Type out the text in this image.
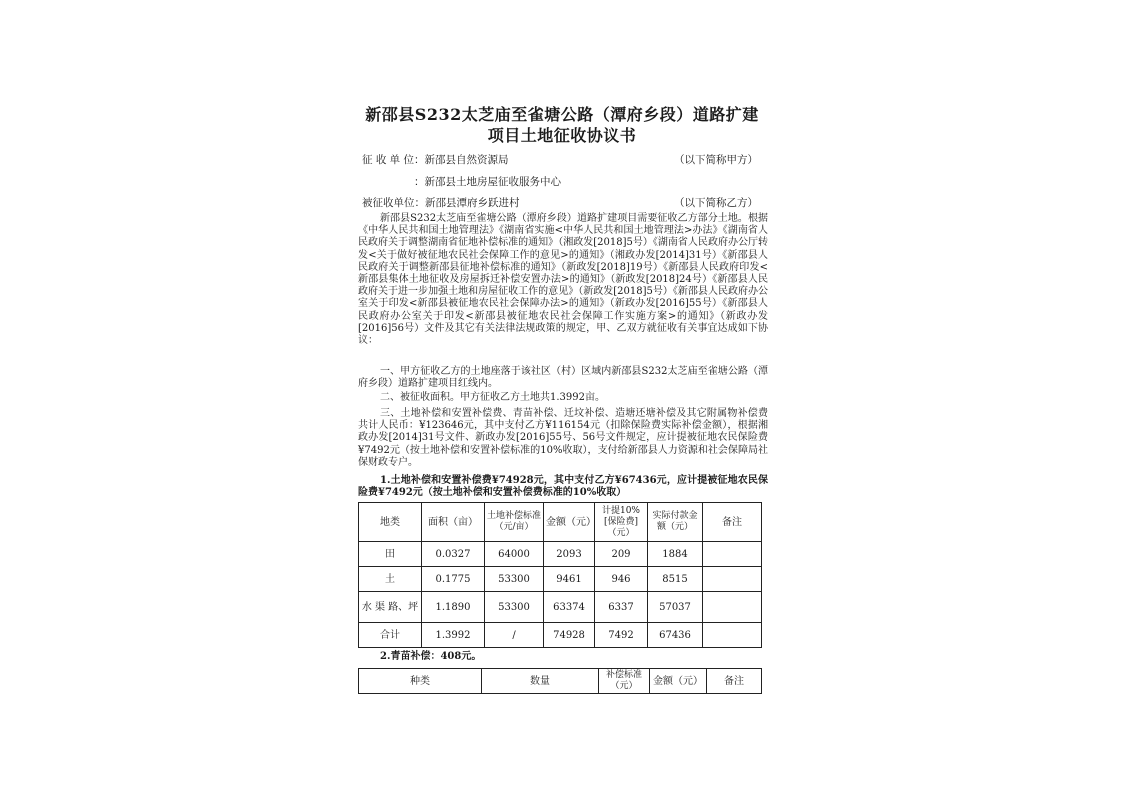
新邵县S232太芝庙至雀塘公路（潭府乡段）道路扩建
项目土地征收协议书
征 收 单 位：新邵县自然资源局	（以下简称甲方）
：新邵县土地房屋征收服务中心
被征收单位：新邵县潭府乡跃进村	（以下简称乙方）
新邵县S232太芝庙至雀塘公路（潭府乡段）道路扩建项目需要征收乙方部分土地。根据《中华人民共和国土地管理法》《湖南省实施<中华人民共和国土地管理法>办法》《湖南省人民政府关于调整湖南省征地补偿标准的通知》（湘政发[2018]5号）《湖南省人民政府办公厅转发<关于做好被征地农民社会保障工作的意见>的通知》（湘政办发[2014]31号）《新邵县人民政府关于调整新邵县征地补偿标准的通知》（新政发[2018]19号）《新邵县人民政府印发<新邵县集体土地征收及房屋拆迁补偿安置办法>的通知》（新政发[2018]24号）《新邵县人民政府关于进一步加强土地和房屋征收工作的意见》（新政发[2018]5号）《新邵县人民政府办公室关于印发<新邵县被征地农民社会保障办法>的通知》（新政办发[2016]55号）《新邵县人民政府办公室关于印发<新邵县被征地农民社会保障工作实施方案>的通知》（新政办发[2016]56号）文件及其它有关法律法规政策的规定，甲、乙双方就征收有关事宜达成如下协议：
一、甲方征收乙方的土地座落于该社区（村）区域内新邵县S232太芝庙至雀塘公路（潭府乡段）道路扩建项目红线内。
二、被征收面积。甲方征收乙方土地共1.3992亩。
三、土地补偿和安置补偿费、青苗补偿、迁坟补偿、造塘还塘补偿及其它附属物补偿费共计人民币：¥123646元，其中支付乙方¥116154元（扣除保险费实际补偿金额），根据湘政办发[2014]31号文件、新政办发[2016]55号、56号文件规定，应计提被征地农民保险费¥7492元（按土地补偿和安置补偿标准的10%收取），支付给新邵县人力资源和社会保障局社保财政专户。
1.土地补偿和安置补偿费¥74928元，其中支付乙方¥67436元，应计提被征地农民保险费¥7492元（按土地补偿和安置补偿费标准的10%收取）
地类	面积（亩）	土地补偿标准（元/亩）	金额（元）	计提10%[保险费]（元）	实际付款金额（元）	备注
田	0.0327	64000	2093	209	1884	
土	0.1775	53300	9461	946	8515	
水 渠 路、坪	1.1890	53300	63374	6337	57037	
合计	1.3992	/	74928	7492	67436	
2.青苗补偿：408元。
种类	数量	补偿标准（元）	金额（元）	备注
